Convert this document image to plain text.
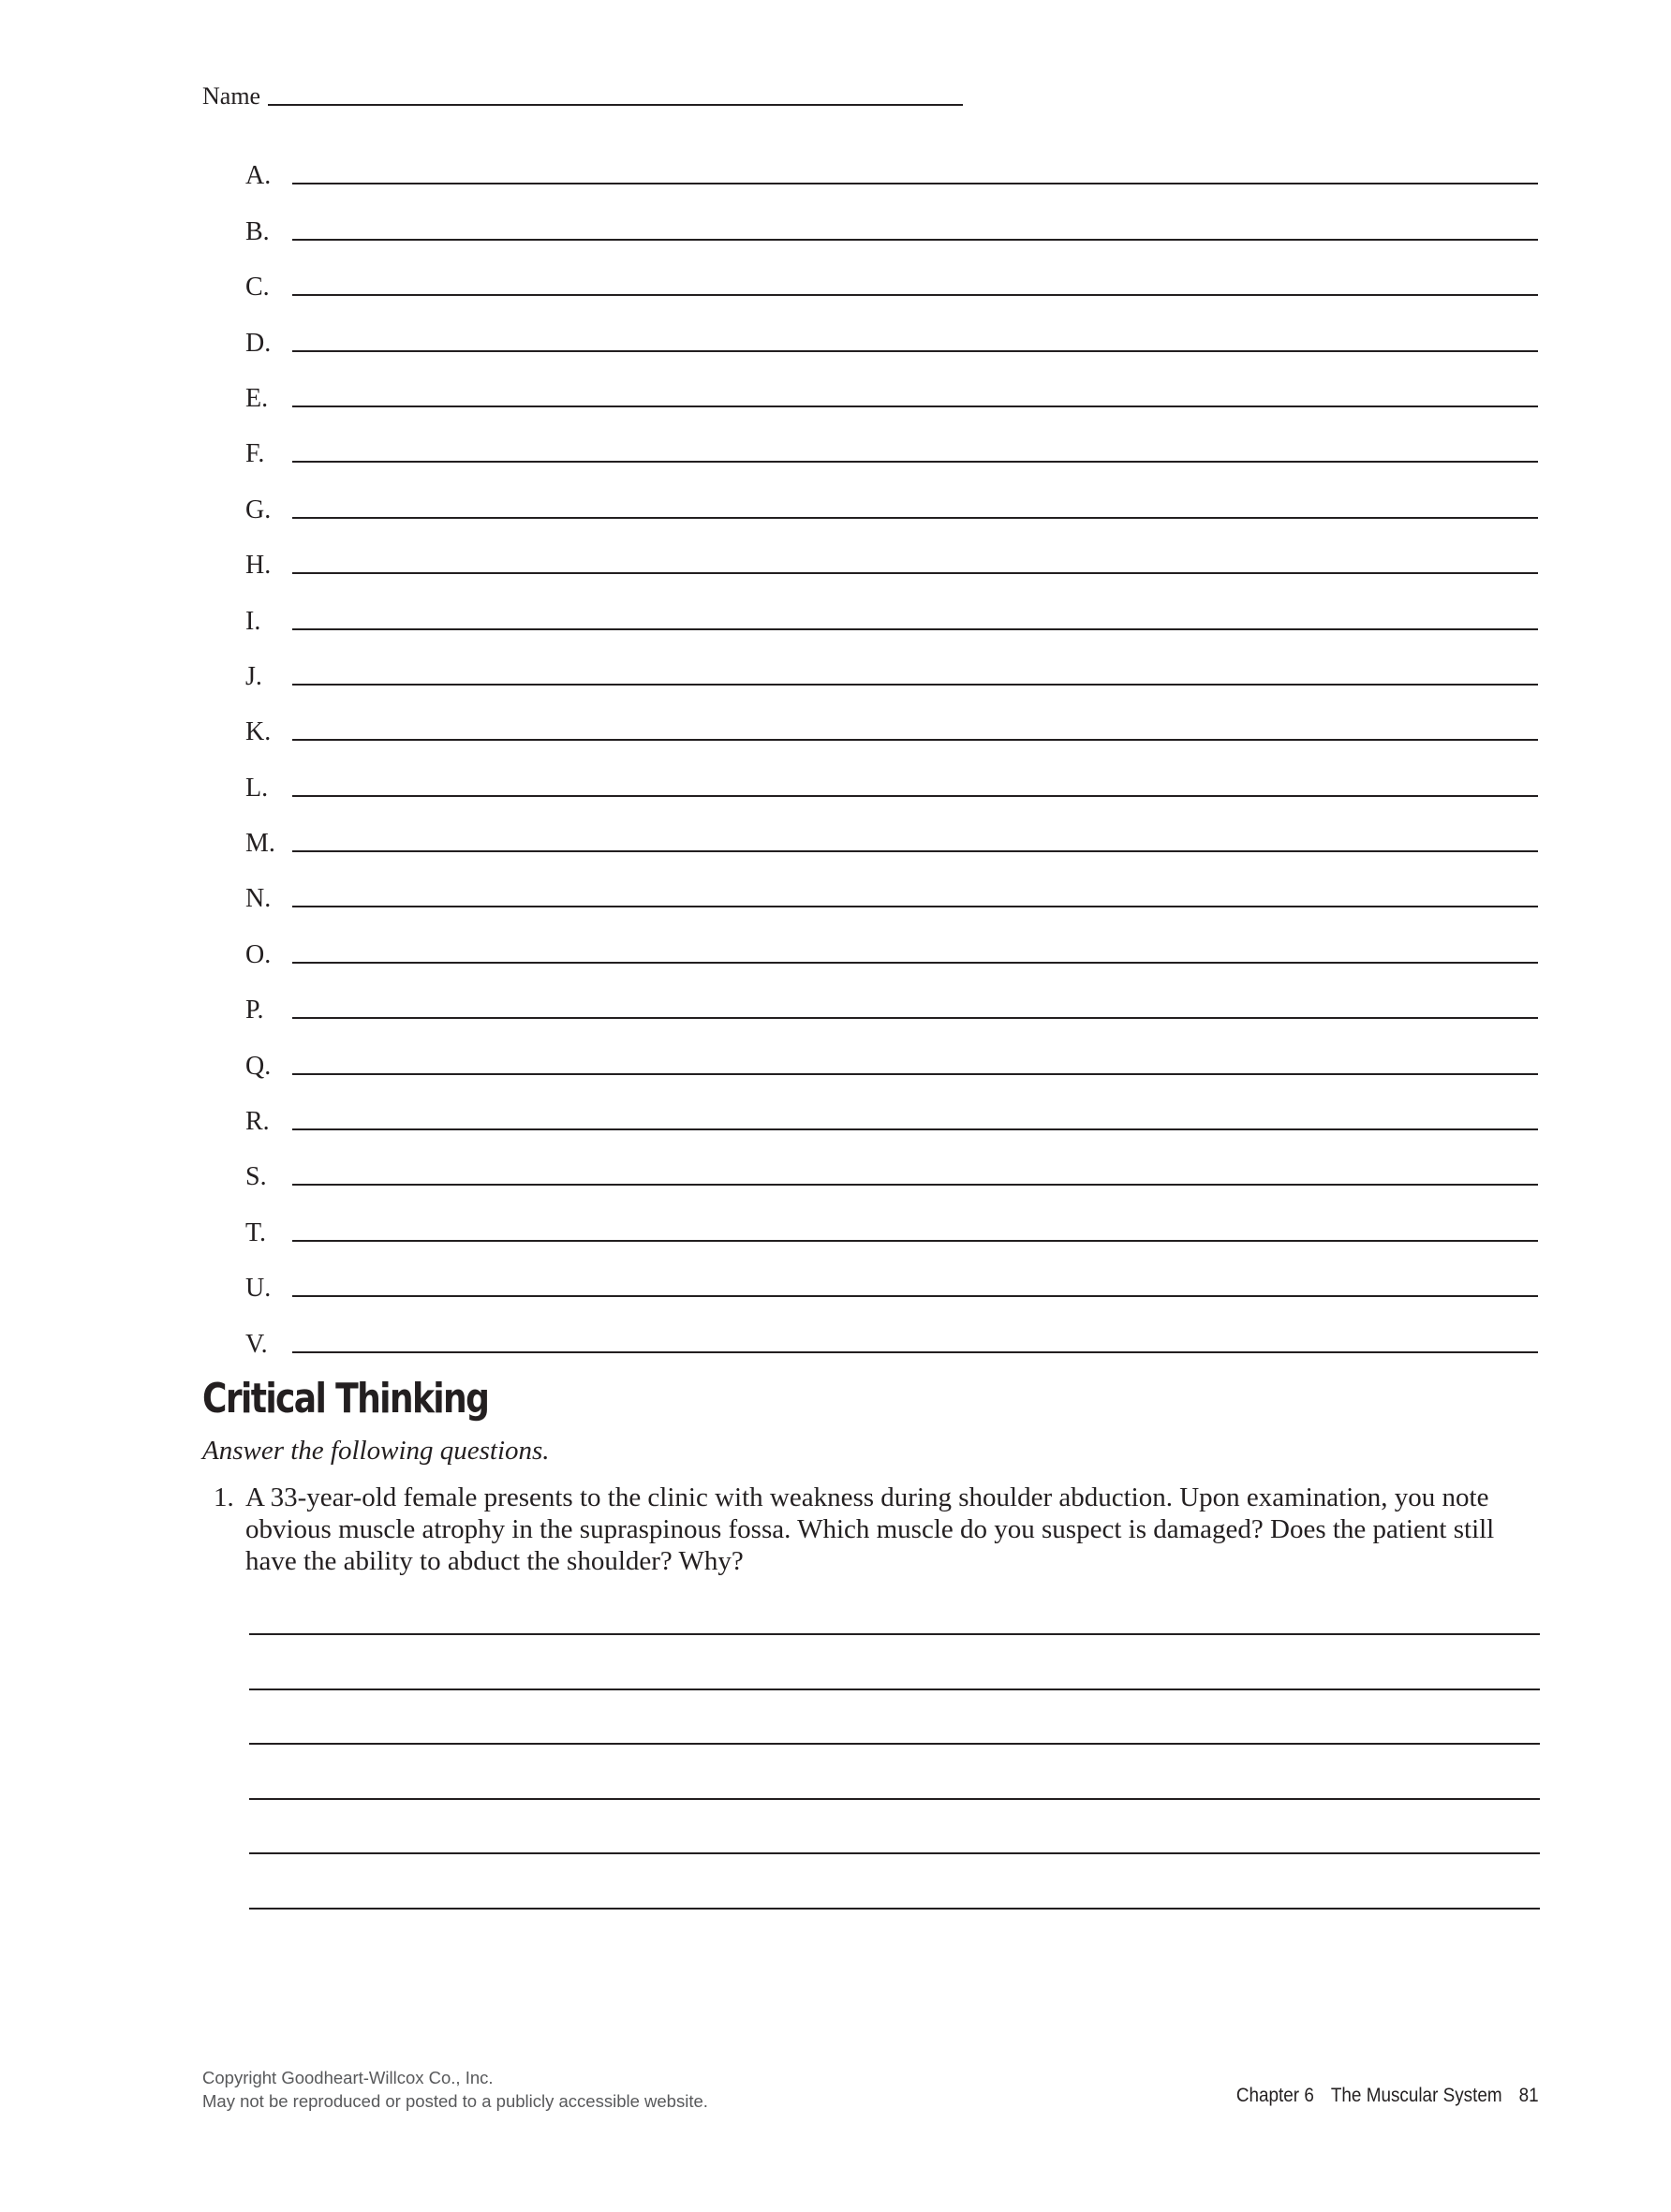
Name
A.
B.
C.
D.
E.
F.
G.
H.
I.
J.
K.
L.
M.
N.
O.
P.
Q.
R.
S.
T.
U.
V.
Critical Thinking

Answer the following questions.

1. A 33-year-old female presents to the clinic with weakness during shoulder abduction. Upon examination, you note obvious muscle atrophy in the supraspinous fossa. Which muscle do you suspect is damaged? Does the patient still have the ability to abduct the shoulder? Why?

Copyright Goodheart-Willcox Co., Inc.
May not be reproduced or posted to a publicly accessible website.	Chapter 6 The Muscular System 81
